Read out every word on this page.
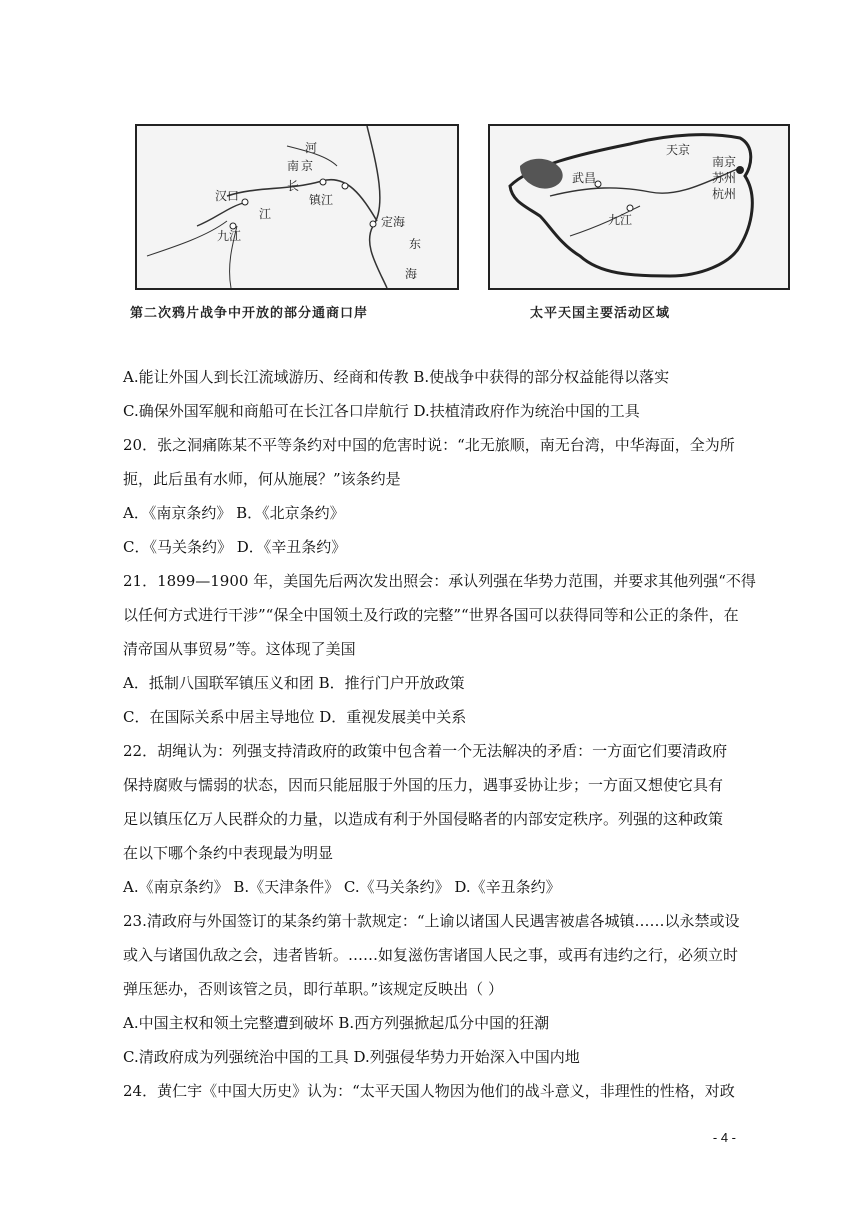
河
南 京
长
镇江
汉口
江
九江
定海
东
海
第二次鸦片战争中开放的部分通商口岸
天京
南京
苏州
杭州
武昌
九江
太平天国主要活动区域
A.能让外国人到长江流域游历、经商和传教 B.使战争中获得的部分权益能得以落实
C.确保外国军舰和商船可在长江各口岸航行 D.扶植清政府作为统治中国的工具
20．张之洞痛陈某不平等条约对中国的危害时说：“北无旅顺，南无台湾，中华海面，全为所
扼，此后虽有水师，何从施展？”该条约是
A．《南京条约》 B．《北京条约》
C．《马关条约》 D．《辛丑条约》
21．1899—1900 年，美国先后两次发出照会：承认列强在华势力范围，并要求其他列强“不得
以任何方式进行干涉”“保全中国领土及行政的完整”“世界各国可以获得同等和公正的条件，在
清帝国从事贸易”等。这体现了美国
A．抵制八国联军镇压义和团 B．推行门户开放政策
C．在国际关系中居主导地位 D．重视发展美中关系
22．胡绳认为：列强支持清政府的政策中包含着一个无法解决的矛盾：一方面它们要清政府
保持腐败与懦弱的状态，因而只能屈服于外国的压力，遇事妥协让步；一方面又想使它具有
足以镇压亿万人民群众的力量，以造成有利于外国侵略者的内部安定秩序。列强的这种政策
在以下哪个条约中表现最为明显
A.《南京条约》 B.《天津条件》 C.《马关条约》 D.《辛丑条约》
23.清政府与外国签订的某条约第十款规定：“上谕以诸国人民遇害被虐各城镇……以永禁或设
或入与诸国仇敌之会，违者皆斩。……如复滋伤害诸国人民之事，或再有违约之行，必须立时
弹压惩办，否则该管之员，即行革职。”该规定反映出（ ）
A.中国主权和领土完整遭到破坏 B.西方列强掀起瓜分中国的狂潮
C.清政府成为列强统治中国的工具 D.列强侵华势力开始深入中国内地
24．黄仁宇《中国大历史》认为：“太平天国人物因为他们的战斗意义，非理性的性格，对政
- 4 -
